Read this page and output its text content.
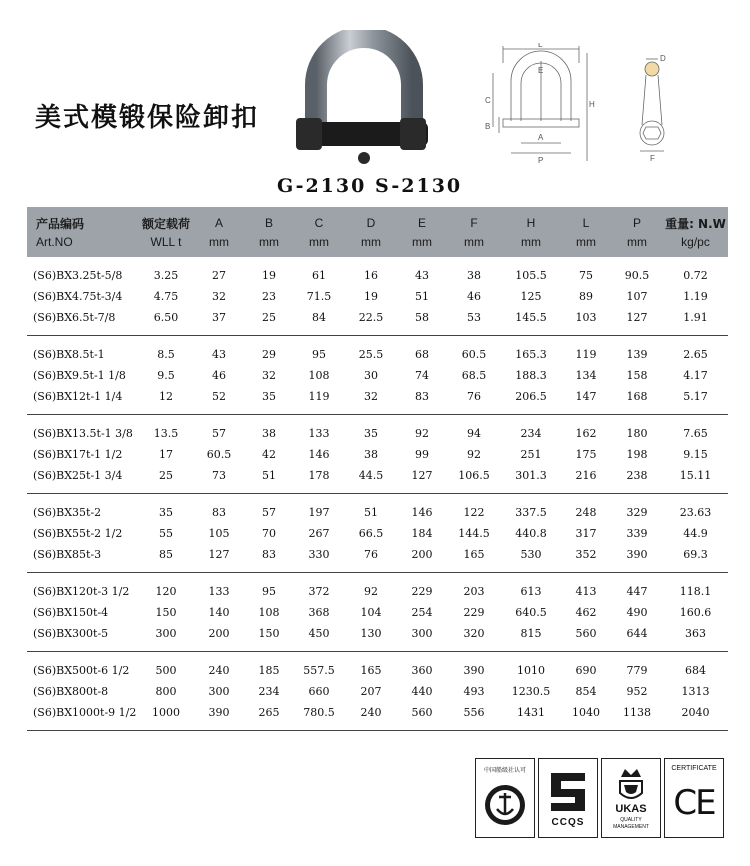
美式模锻保险卸扣
L
E
C	H
B
A
P
D
F
G-2130 S-2130
产品编码	额定载荷	A	B	C	D	E	F	H	L	P	重量: N.W
Art.NO	WLL t	mm	mm	mm	mm	mm	mm	mm	mm	mm	kg/pc
(S6)BX3.25t-5/8	3.25	27	19	61	16	43	38	105.5	75	90.5	0.72
(S6)BX4.75t-3/4	4.75	32	23	71.5	19	51	46	125	89	107	1.19
(S6)BX6.5t-7/8	6.50	37	25	84	22.5	58	53	145.5	103	127	1.91
(S6)BX8.5t-1	8.5	43	29	95	25.5	68	60.5	165.3	119	139	2.65
(S6)BX9.5t-1 1/8	9.5	46	32	108	30	74	68.5	188.3	134	158	4.17
(S6)BX12t-1 1/4	12	52	35	119	32	83	76	206.5	147	168	5.17
(S6)BX13.5t-1 3/8	13.5	57	38	133	35	92	94	234	162	180	7.65
(S6)BX17t-1 1/2	17	60.5	42	146	38	99	92	251	175	198	9.15
(S6)BX25t-1 3/4	25	73	51	178	44.5	127	106.5	301.3	216	238	15.11
(S6)BX35t-2	35	83	57	197	51	146	122	337.5	248	329	23.63
(S6)BX55t-2 1/2	55	105	70	267	66.5	184	144.5	440.8	317	339	44.9
(S6)BX85t-3	85	127	83	330	76	200	165	530	352	390	69.3
(S6)BX120t-3 1/2	120	133	95	372	92	229	203	613	413	447	118.1
(S6)BX150t-4	150	140	108	368	104	254	229	640.5	462	490	160.6
(S6)BX300t-5	300	200	150	450	130	300	320	815	560	644	363
(S6)BX500t-6 1/2	500	240	185	557.5	165	360	390	1010	690	779	684
(S6)BX800t-8	800	300	234	660	207	440	493	1230.5	854	952	1313
(S6)BX1000t-9 1/2	1000	390	265	780.5	240	560	556	1431	1040	1138	2040
中国船级社认可
CCQS
UKAS
QUALITY
MANAGEMENT
CERTIFICATE
CE
